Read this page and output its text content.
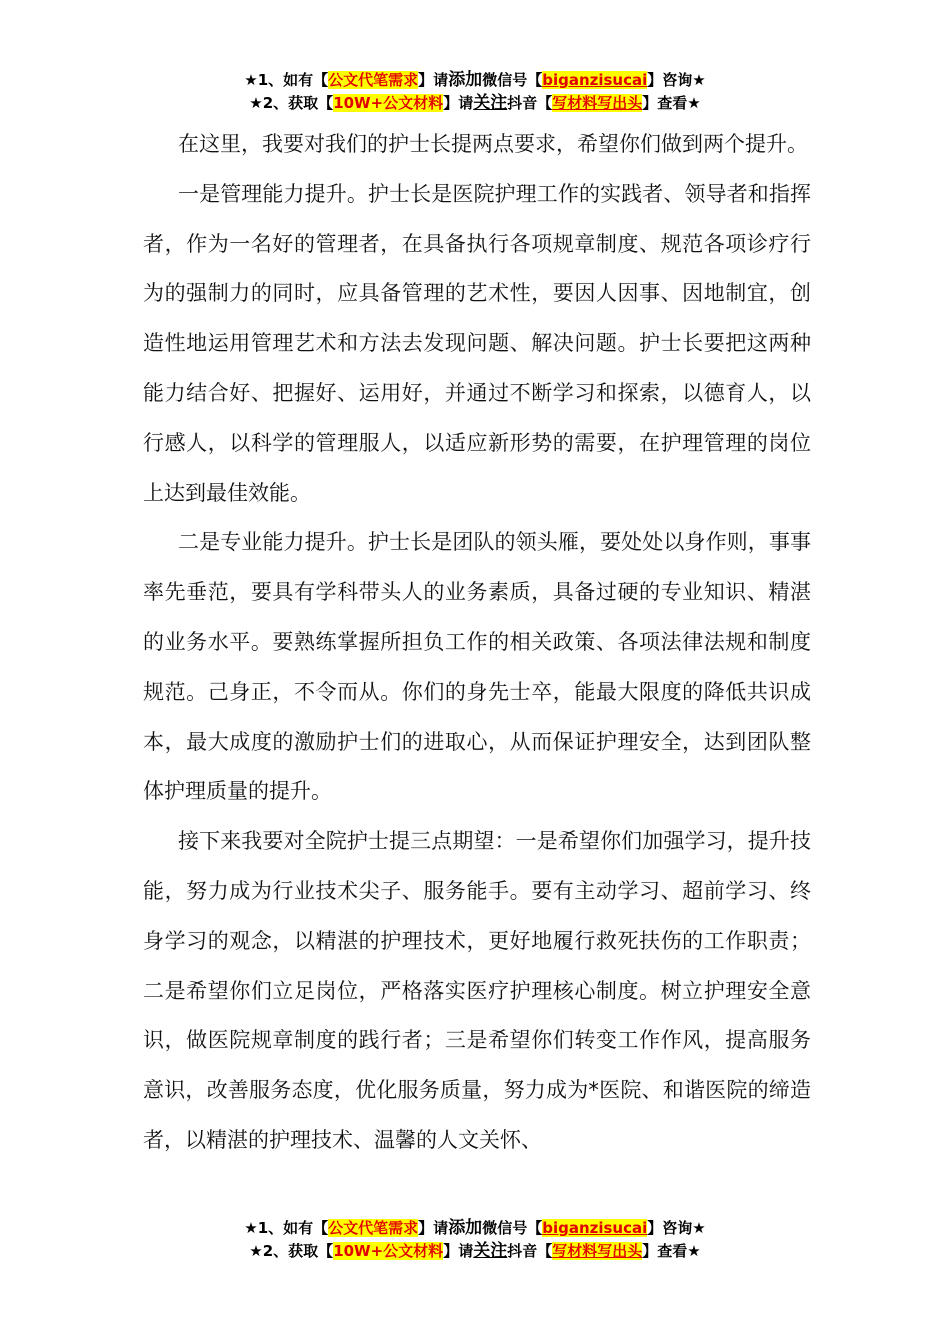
★1、如有【公文代笔需求】请添加微信号【biganzisucai】咨询★
★2、获取【10W+公文材料】请关注抖音【写材料写出头】查看★

在这里，我要对我们的护士长提两点要求，希望你们做到两个提升。

一是管理能力提升。护士长是医院护理工作的实践者、领导者和指挥者，作为一名好的管理者，在具备执行各项规章制度、规范各项诊疗行为的强制力的同时，应具备管理的艺术性，要因人因事、因地制宜，创造性地运用管理艺术和方法去发现问题、解决问题。护士长要把这两种能力结合好、把握好、运用好，并通过不断学习和探索，以德育人，以行感人，以科学的管理服人，以适应新形势的需要，在护理管理的岗位上达到最佳效能。

二是专业能力提升。护士长是团队的领头雁，要处处以身作则，事事率先垂范，要具有学科带头人的业务素质，具备过硬的专业知识、精湛的业务水平。要熟练掌握所担负工作的相关政策、各项法律法规和制度规范。己身正，不令而从。你们的身先士卒，能最大限度的降低共识成本，最大成度的激励护士们的进取心，从而保证护理安全，达到团队整体护理质量的提升。

接下来我要对全院护士提三点期望：一是希望你们加强学习，提升技能，努力成为行业技术尖子、服务能手。要有主动学习、超前学习、终身学习的观念，以精湛的护理技术，更好地履行救死扶伤的工作职责；二是希望你们立足岗位，严格落实医疗护理核心制度。树立护理安全意识，做医院规章制度的践行者；三是希望你们转变工作作风，提高服务意识，改善服务态度，优化服务质量，努力成为*医院、和谐医院的缔造者，以精湛的护理技术、温馨的人文关怀、

★1、如有【公文代笔需求】请添加微信号【biganzisucai】咨询★
★2、获取【10W+公文材料】请关注抖音【写材料写出头】查看★
